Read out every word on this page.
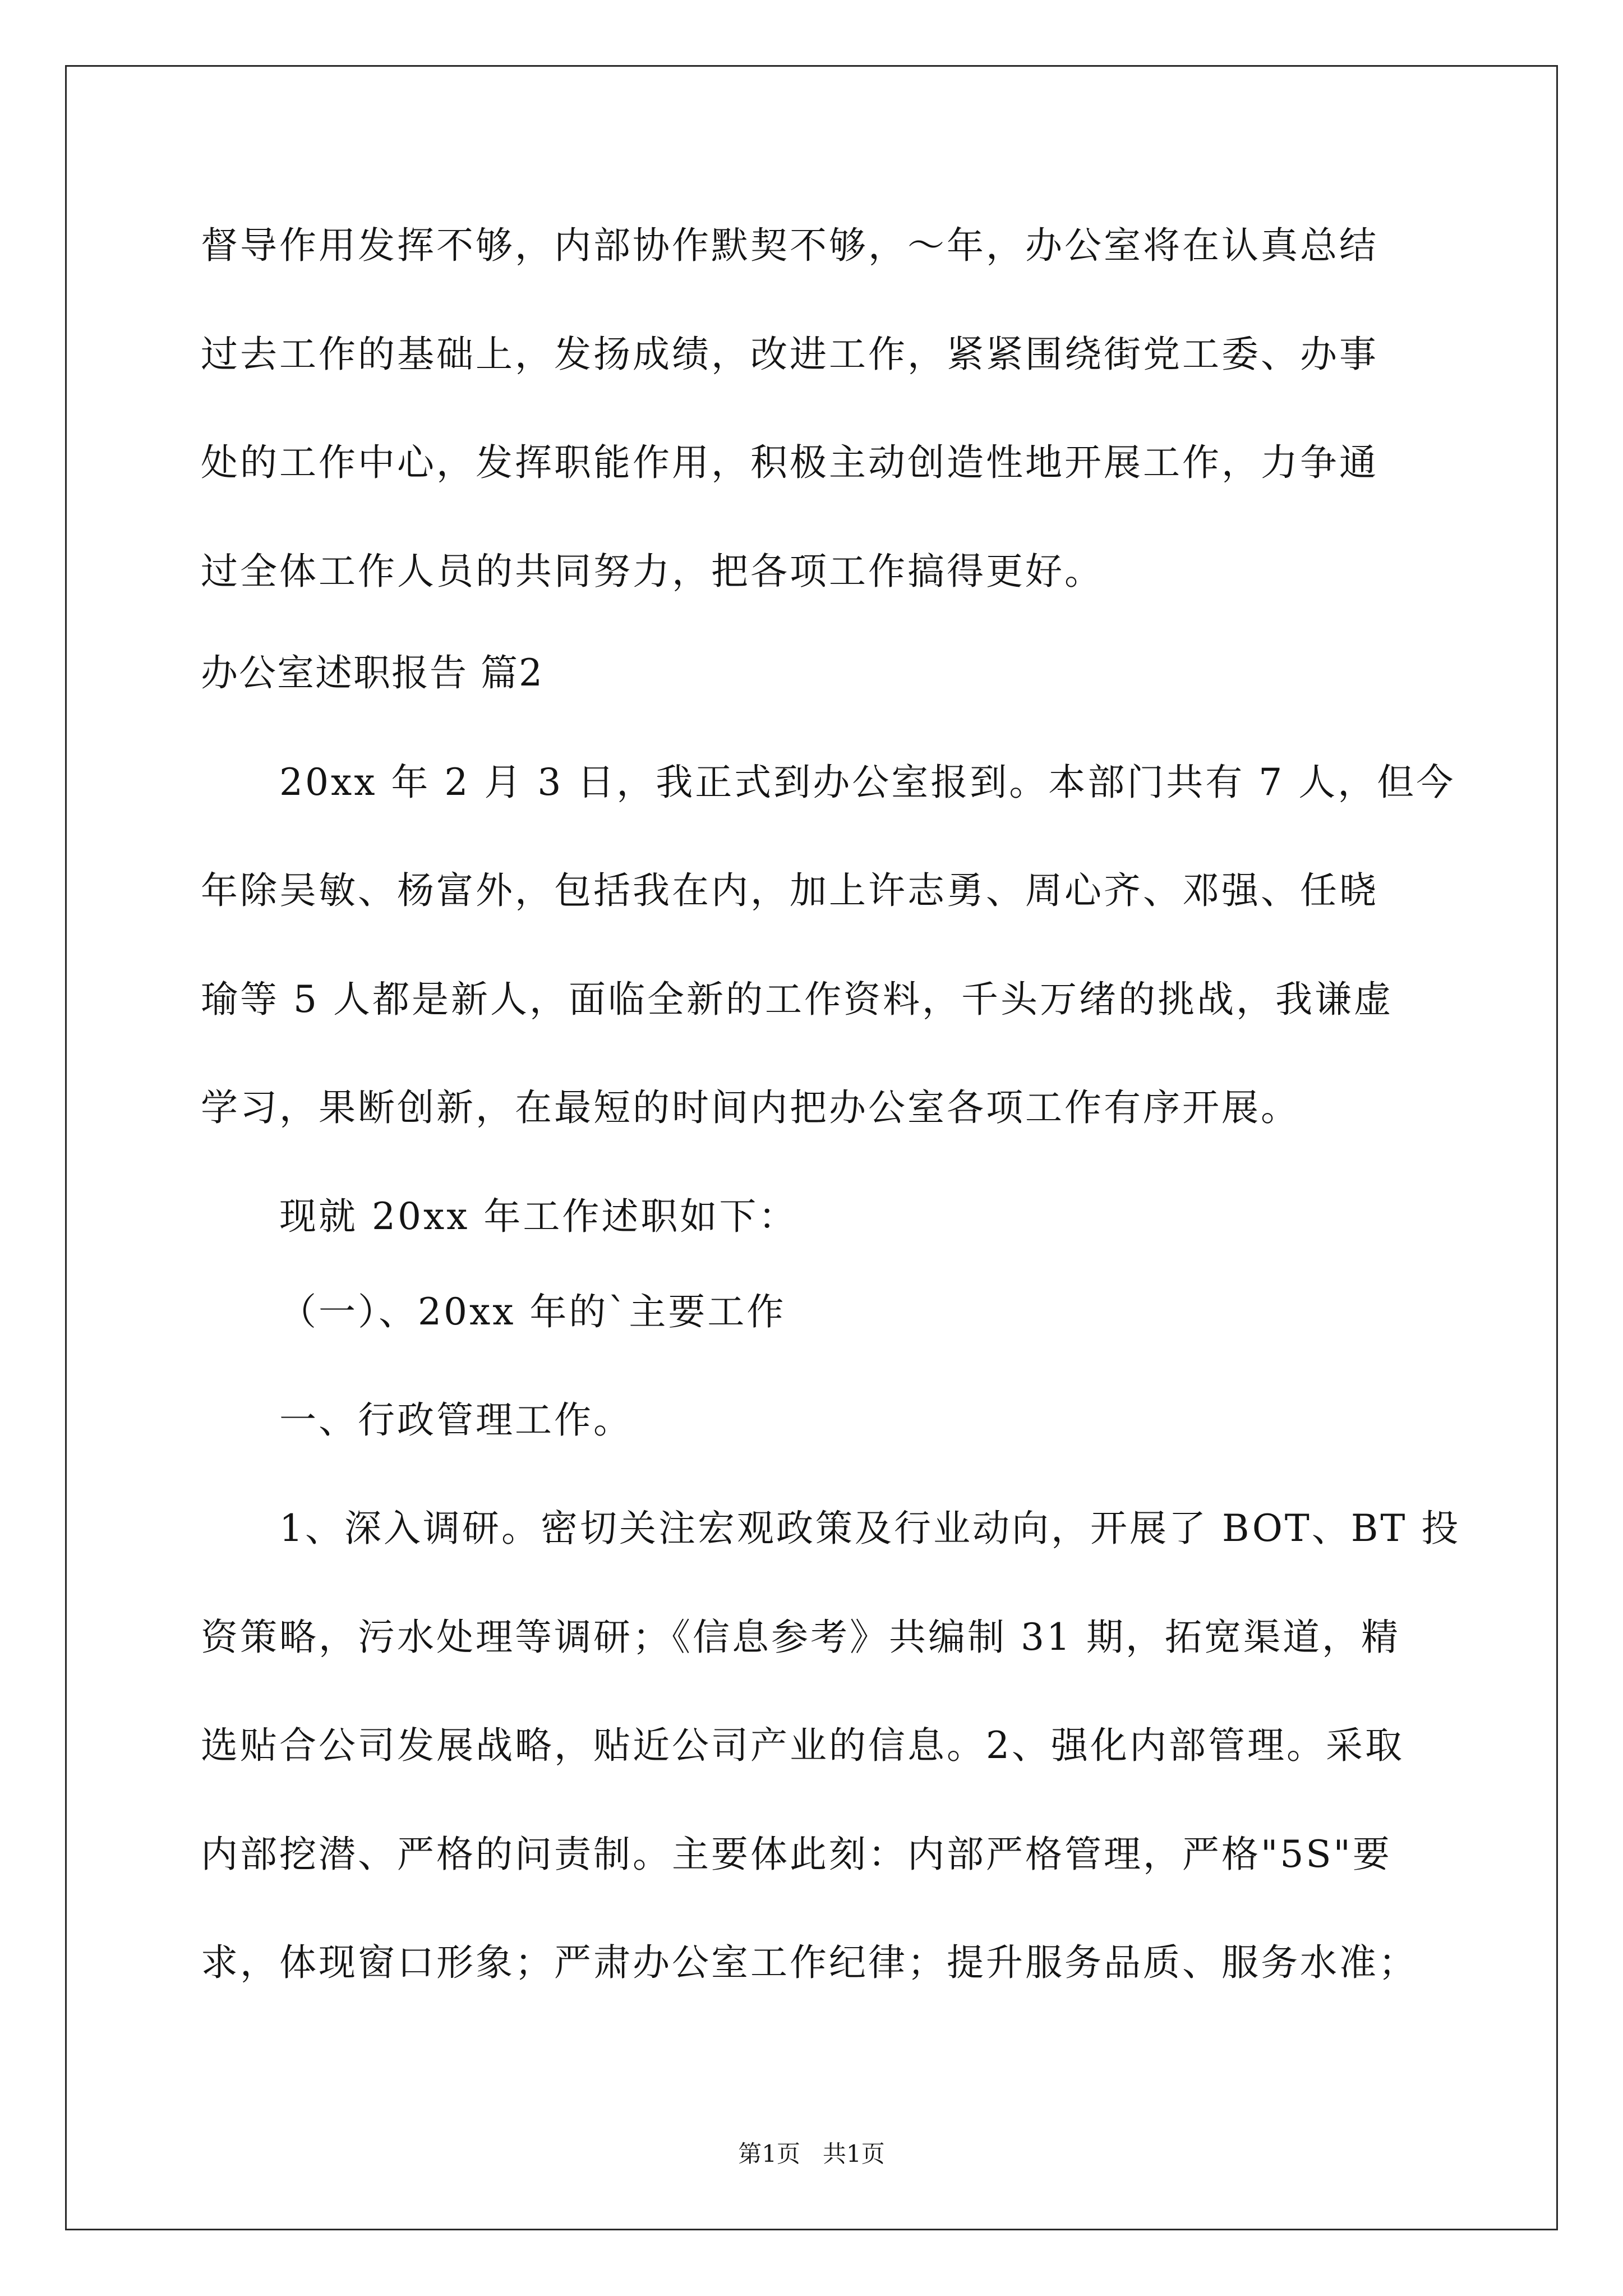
督导作用发挥不够，内部协作默契不够，～年，办公室将在认真总结
过去工作的基础上，发扬成绩，改进工作，紧紧围绕街党工委、办事
处的工作中心，发挥职能作用，积极主动创造性地开展工作，力争通
过全体工作人员的共同努力，把各项工作搞得更好。
办公室述职报告 篇2
20xx 年 2 月 3 日，我正式到办公室报到。本部门共有 7 人，但今
年除吴敏、杨富外，包括我在内，加上许志勇、周心齐、邓强、任晓
瑜等 5 人都是新人，面临全新的工作资料，千头万绪的挑战，我谦虚
学习，果断创新，在最短的时间内把办公室各项工作有序开展。
现就 20xx 年工作述职如下：
（一）、20xx 年的`主要工作
一、行政管理工作。
1、深入调研。密切关注宏观政策及行业动向，开展了 BOT、BT 投
资策略，污水处理等调研；《信息参考》共编制 31 期，拓宽渠道，精
选贴合公司发展战略，贴近公司产业的信息。2、强化内部管理。采取
内部挖潜、严格的问责制。主要体此刻：内部严格管理，严格"5S"要
求，体现窗口形象；严肃办公室工作纪律；提升服务品质、服务水准；
第1页   共1页
